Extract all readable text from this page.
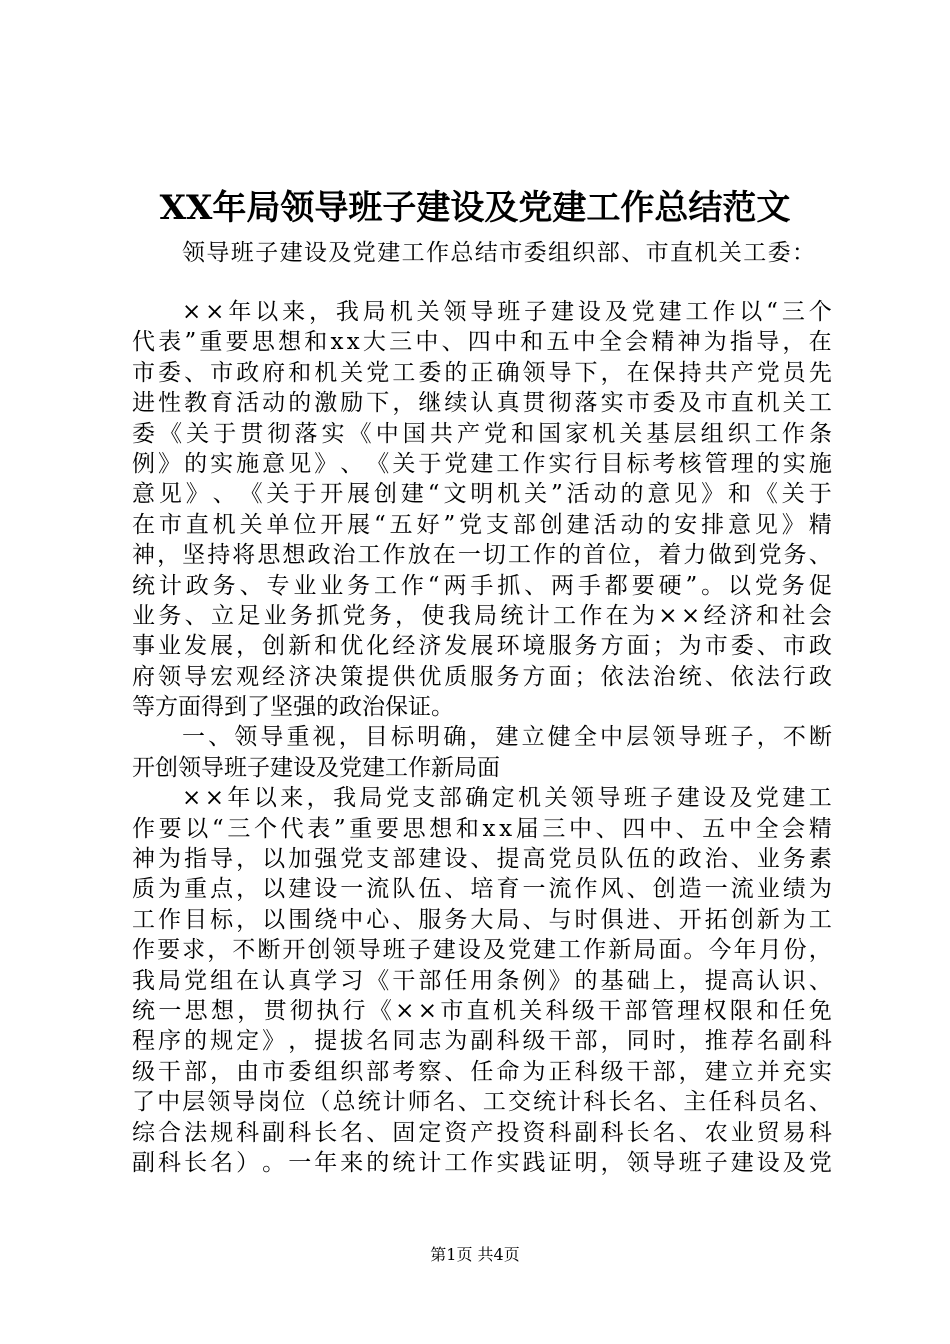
XX年局领导班子建设及党建工作总结范文

领导班子建设及党建工作总结市委组织部、市直机关工委：

× × 年 以 来 ， 我 局 机 关 领 导 班 子 建 设 及 党 建 工 作 以 “ 三 个
代 表 ” 重 要 思 想 和 x x 大 三 中 、 四 中 和 五 中 全 会 精 神 为 指 导 ， 在
市 委 、 市 政 府 和 机 关 党 工 委 的 正 确 领 导 下 ， 在 保 持 共 产 党 员 先
进 性 教 育 活 动 的 激 励 下 ， 继 续 认 真 贯 彻 落 实 市 委 及 市 直 机 关 工
委 《 关 于 贯 彻 落 实 《 中 国 共 产 党 和 国 家 机 关 基 层 组 织 工 作 条
例 》 的 实 施 意 见 》 、 《 关 于 党 建 工 作 实 行 目 标 考 核 管 理 的 实 施
意 见 》 、 《 关 于 开 展 创 建 “ 文 明 机 关 ” 活 动 的 意 见 》 和 《 关 于
在 市 直 机 关 单 位 开 展 “ 五 好 ” 党 支 部 创 建 活 动 的 安 排 意 见 》 精
神 ， 坚 持 将 思 想 政 治 工 作 放 在 一 切 工 作 的 首 位 ， 着 力 做 到 党 务 、
统 计 政 务 、 专 业 业 务 工 作 “ 两 手 抓 、 两 手 都 要 硬 ” 。 以 党 务 促
业 务 、 立 足 业 务 抓 党 务 ， 使 我 局 统 计 工 作 在 为 × × 经 济 和 社 会
事 业 发 展 ， 创 新 和 优 化 经 济 发 展 环 境 服 务 方 面 ； 为 市 委 、 市 政
府 领 导 宏 观 经 济 决 策 提 供 优 质 服 务 方 面 ； 依 法 治 统 、 依 法 行 政
等方面得到了坚强的政治保证。
一 、 领 导 重 视 ， 目 标 明 确 ， 建 立 健 全 中 层 领 导 班 子 ， 不 断
开创领导班子建设及党建工作新局面
× × 年 以 来 ， 我 局 党 支 部 确 定 机 关 领 导 班 子 建 设 及 党 建 工
作 要 以 “ 三 个 代 表 ” 重 要 思 想 和 x x 届 三 中 、 四 中 、 五 中 全 会 精
神 为 指 导 ， 以 加 强 党 支 部 建 设 、 提 高 党 员 队 伍 的 政 治 、 业 务 素
质 为 重 点 ， 以 建 设 一 流 队 伍 、 培 育 一 流 作 风 、 创 造 一 流 业 绩 为
工 作 目 标 ， 以 围 绕 中 心 、 服 务 大 局 、 与 时 俱 进 、 开 拓 创 新 为 工
作 要 求 ， 不 断 开 创 领 导 班 子 建 设 及 党 建 工 作 新 局 面 。 今 年 月 份 ，
我 局 党 组 在 认 真 学 习 《 干 部 任 用 条 例 》 的 基 础 上 ， 提 高 认 识 、
统 一 思 想 ， 贯 彻 执 行 《 × × 市 直 机 关 科 级 干 部 管 理 权 限 和 任 免
程 序 的 规 定 》 ， 提 拔 名 同 志 为 副 科 级 干 部 ， 同 时 ， 推 荐 名 副 科
级 干 部 ， 由 市 委 组 织 部 考 察 、 任 命 为 正 科 级 干 部 ， 建 立 并 充 实
了 中 层 领 导 岗 位 （ 总 统 计 师 名 、 工 交 统 计 科 长 名 、 主 任 科 员 名 、
综 合 法 规 科 副 科 长 名 、 固 定 资 产 投 资 科 副 科 长 名 、 农 业 贸 易 科
副 科 长 名 ） 。 一 年 来 的 统 计 工 作 实 践 证 明 ， 领 导 班 子 建 设 及 党

第1页 共4页
